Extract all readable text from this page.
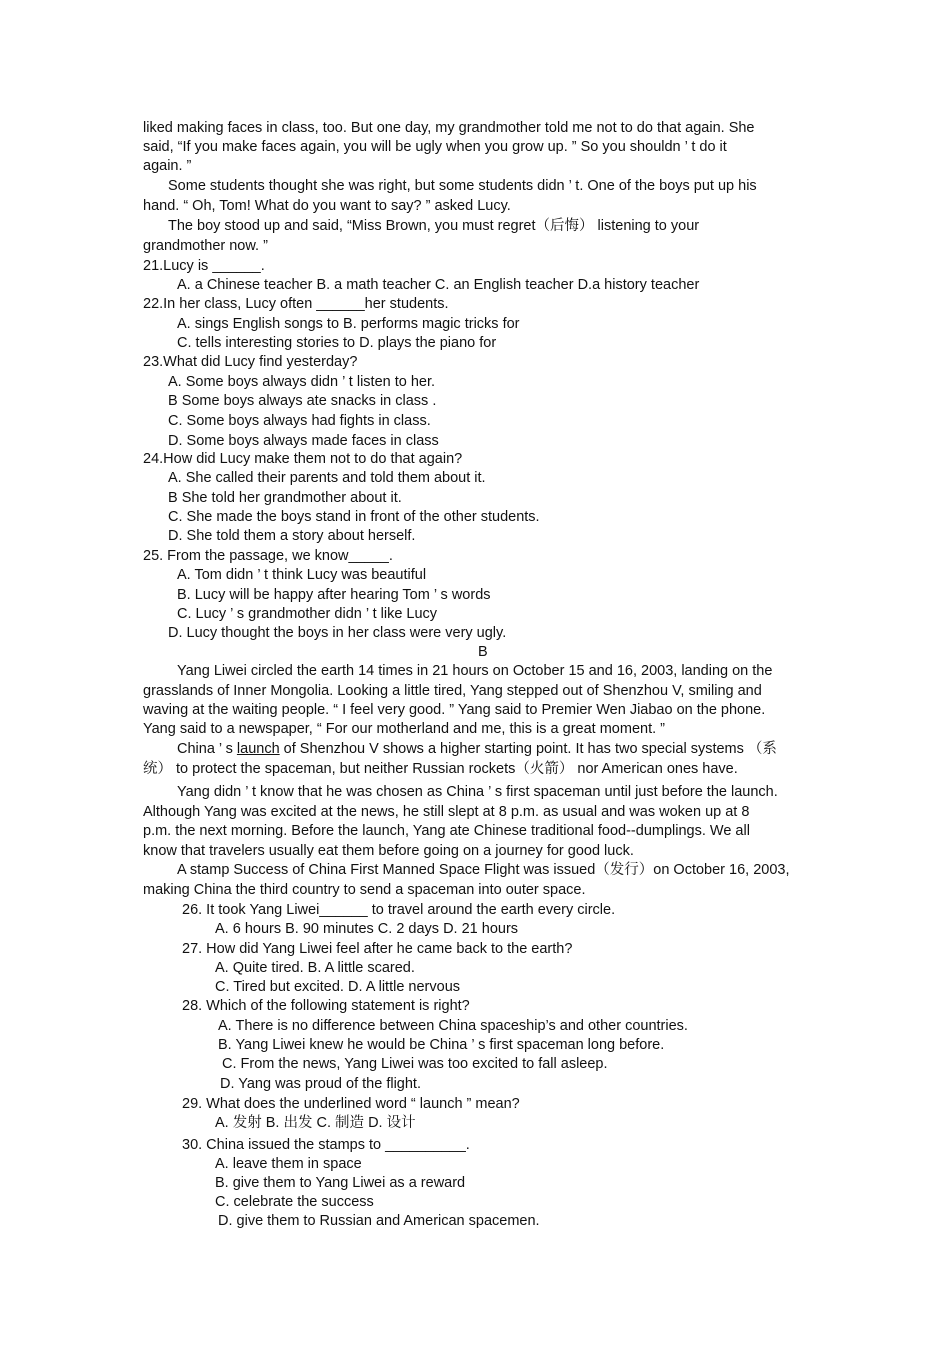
liked making faces in class, too. But one day, my grandmother told me not to do that again. She
said, “If you make faces again, you will be ugly when you grow up. ” So you shouldn ’ t do it
again. ”
Some students thought she was right, but some students didn ’ t. One of the boys put up his
hand. “ Oh, Tom! What do you want to say? ” asked Lucy.
The boy stood up and said, “Miss Brown, you must regret（后悔） listening to your
grandmother now. ”
21.Lucy is ______.
A. a Chinese teacher B. a math teacher C. an English teacher D.a history teacher
22.In her class, Lucy often ______her students.
A. sings English songs to B. performs magic tricks for
C. tells interesting stories to D. plays the piano for
23.What did Lucy find yesterday?
A. Some boys always didn ’ t listen to her.
B Some boys always ate snacks in class .
C. Some boys always had fights in class.
D. Some boys always made faces in class
24.How did Lucy make them not to do that again?
A. She called their parents and told them about it.
B She told her grandmother about it.
C. She made the boys stand in front of the other students.
D. She told them a story about herself.
25. From the passage, we know_____.
A. Tom didn ’ t think Lucy was beautiful
B. Lucy will be happy after hearing Tom ’ s words
C. Lucy ’ s grandmother didn ’ t like Lucy
D. Lucy thought the boys in her class were very ugly.
B
Yang Liwei circled the earth 14 times in 21 hours on October 15 and 16, 2003, landing on the
grasslands of Inner Mongolia. Looking a little tired, Yang stepped out of Shenzhou V, smiling and
waving at the waiting people. “ I feel very good. ” Yang said to Premier Wen Jiabao on the phone.
Yang said to a newspaper, “ For our motherland and me, this is a great moment. ”
China ’ s launch of Shenzhou V shows a higher starting point. It has two special systems （系
统） to protect the spaceman, but neither Russian rockets（火箭） nor American ones have.
Yang didn ’ t know that he was chosen as China ’ s first spaceman until just before the launch.
Although Yang was excited at the news, he still slept at 8 p.m. as usual and was woken up at 8
p.m. the next morning. Before the launch, Yang ate Chinese traditional food--dumplings. We all
know that travelers usually eat them before going on a journey for good luck.
A stamp Success of China First Manned Space Flight was issued（发行）on October 16, 2003,
making China the third country to send a spaceman into outer space.
26. It took Yang Liwei______ to travel around the earth every circle.
A. 6 hours B. 90 minutes C. 2 days D. 21 hours
27. How did Yang Liwei feel after he came back to the earth?
A. Quite tired. B. A little scared.
C. Tired but excited. D. A little nervous
28. Which of the following statement is right?
A. There is no difference between China spaceship’s and other countries.
B. Yang Liwei knew he would be China ’ s first spaceman long before.
C. From the news, Yang Liwei was too excited to fall asleep.
D. Yang was proud of the flight.
29. What does the underlined word “ launch ” mean?
A. 发射 B. 出发 C. 制造 D. 设计
30. China issued the stamps to __________.
A. leave them in space
B. give them to Yang Liwei as a reward
C. celebrate the success
D. give them to Russian and American spacemen.
